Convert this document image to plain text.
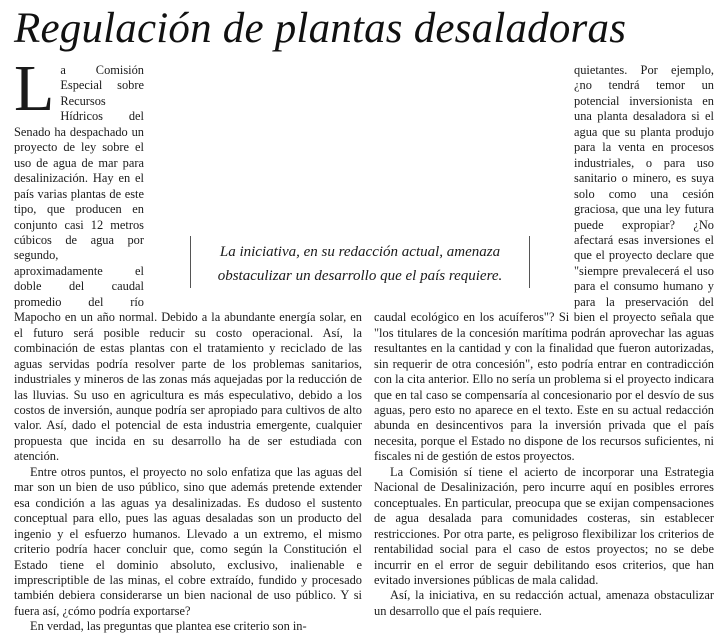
Regulación de plantas desaladoras

L a Comisión Especial sobre Recursos Hídricos del Senado ha despachado un proyecto de ley sobre el uso de agua de mar para desalinización. Hay en el país varias plantas de este tipo, que producen en conjunto casi 12 metros cúbicos de agua por segundo, aproximadamente el doble del caudal promedio del río Mapocho en un año normal. Debido a la abundante energía solar, en el futuro será posible reducir su costo operacional. Así, la combinación de estas plantas con el tratamiento y reciclado de las aguas servidas podría resolver parte de los problemas sanitarios, industriales y mineros de las zonas más aquejadas por la reducción de las lluvias. Su uso en agricultura es más especulativo, debido a los costos de inversión, aunque podría ser apropiado para cultivos de alto valor. Así, dado el potencial de esta industria emergente, cualquier propuesta que incida en su desarrollo ha de ser estudiada con atención.

Entre otros puntos, el proyecto no solo enfatiza que las aguas del mar son un bien de uso público, sino que además pretende extender esa condición a las aguas ya desalinizadas. Es dudoso el sustento conceptual para ello, pues las aguas desaladas son un producto del ingenio y el esfuerzo humanos. Llevado a un extremo, el mismo criterio podría hacer concluir que, como según la Constitución el Estado tiene el dominio absoluto, exclusivo, inalienable e imprescriptible de las minas, el cobre extraído, fundido y procesado también debiera considerarse un bien nacional de uso público. Y si fuera así, ¿cómo podría exportarse?

En verdad, las preguntas que plantea ese criterio son in-

quietantes. Por ejemplo, ¿no tendrá temor un potencial inversionista en una planta desaladora si el agua que su planta produjo para la venta en procesos industriales, o para uso sanitario o minero, es suya solo como una cesión graciosa, que una ley futura puede expropiar? ¿No afectará esas inversiones el que el proyecto declare que "siempre prevalecerá el uso para el consumo humano y para la preservación del caudal ecológico en los acuíferos"? Si bien el proyecto señala que "los titulares de la concesión marítima podrán aprovechar las aguas resultantes en la cantidad y con la finalidad que fueron autorizadas, sin requerir de otra concesión", esto podría entrar en contradicción con la cita anterior. Ello no sería un problema si el proyecto indicara que en tal caso se compensaría al concesionario por el desvío de sus aguas, pero esto no aparece en el texto. Este en su actual redacción abunda en desincentivos para la inversión privada que el país necesita, porque el Estado no dispone de los recursos suficientes, ni fiscales ni de gestión de estos proyectos.

La Comisión sí tiene el acierto de incorporar una Estrategia Nacional de Desalinización, pero incurre aquí en posibles errores conceptuales. En particular, preocupa que se exijan compensaciones de agua desalada para comunidades costeras, sin establecer restricciones. Por otra parte, es peligroso flexibilizar los criterios de rentabilidad social para el caso de estos proyectos; no se debe incurrir en el error de seguir debilitando esos criterios, que han evitado inversiones públicas de mala calidad.

Así, la iniciativa, en su redacción actual, amenaza obstaculizar un desarrollo que el país requiere.

La iniciativa, en su redacción actual, amenaza
obstaculizar un desarrollo que el país requiere.
